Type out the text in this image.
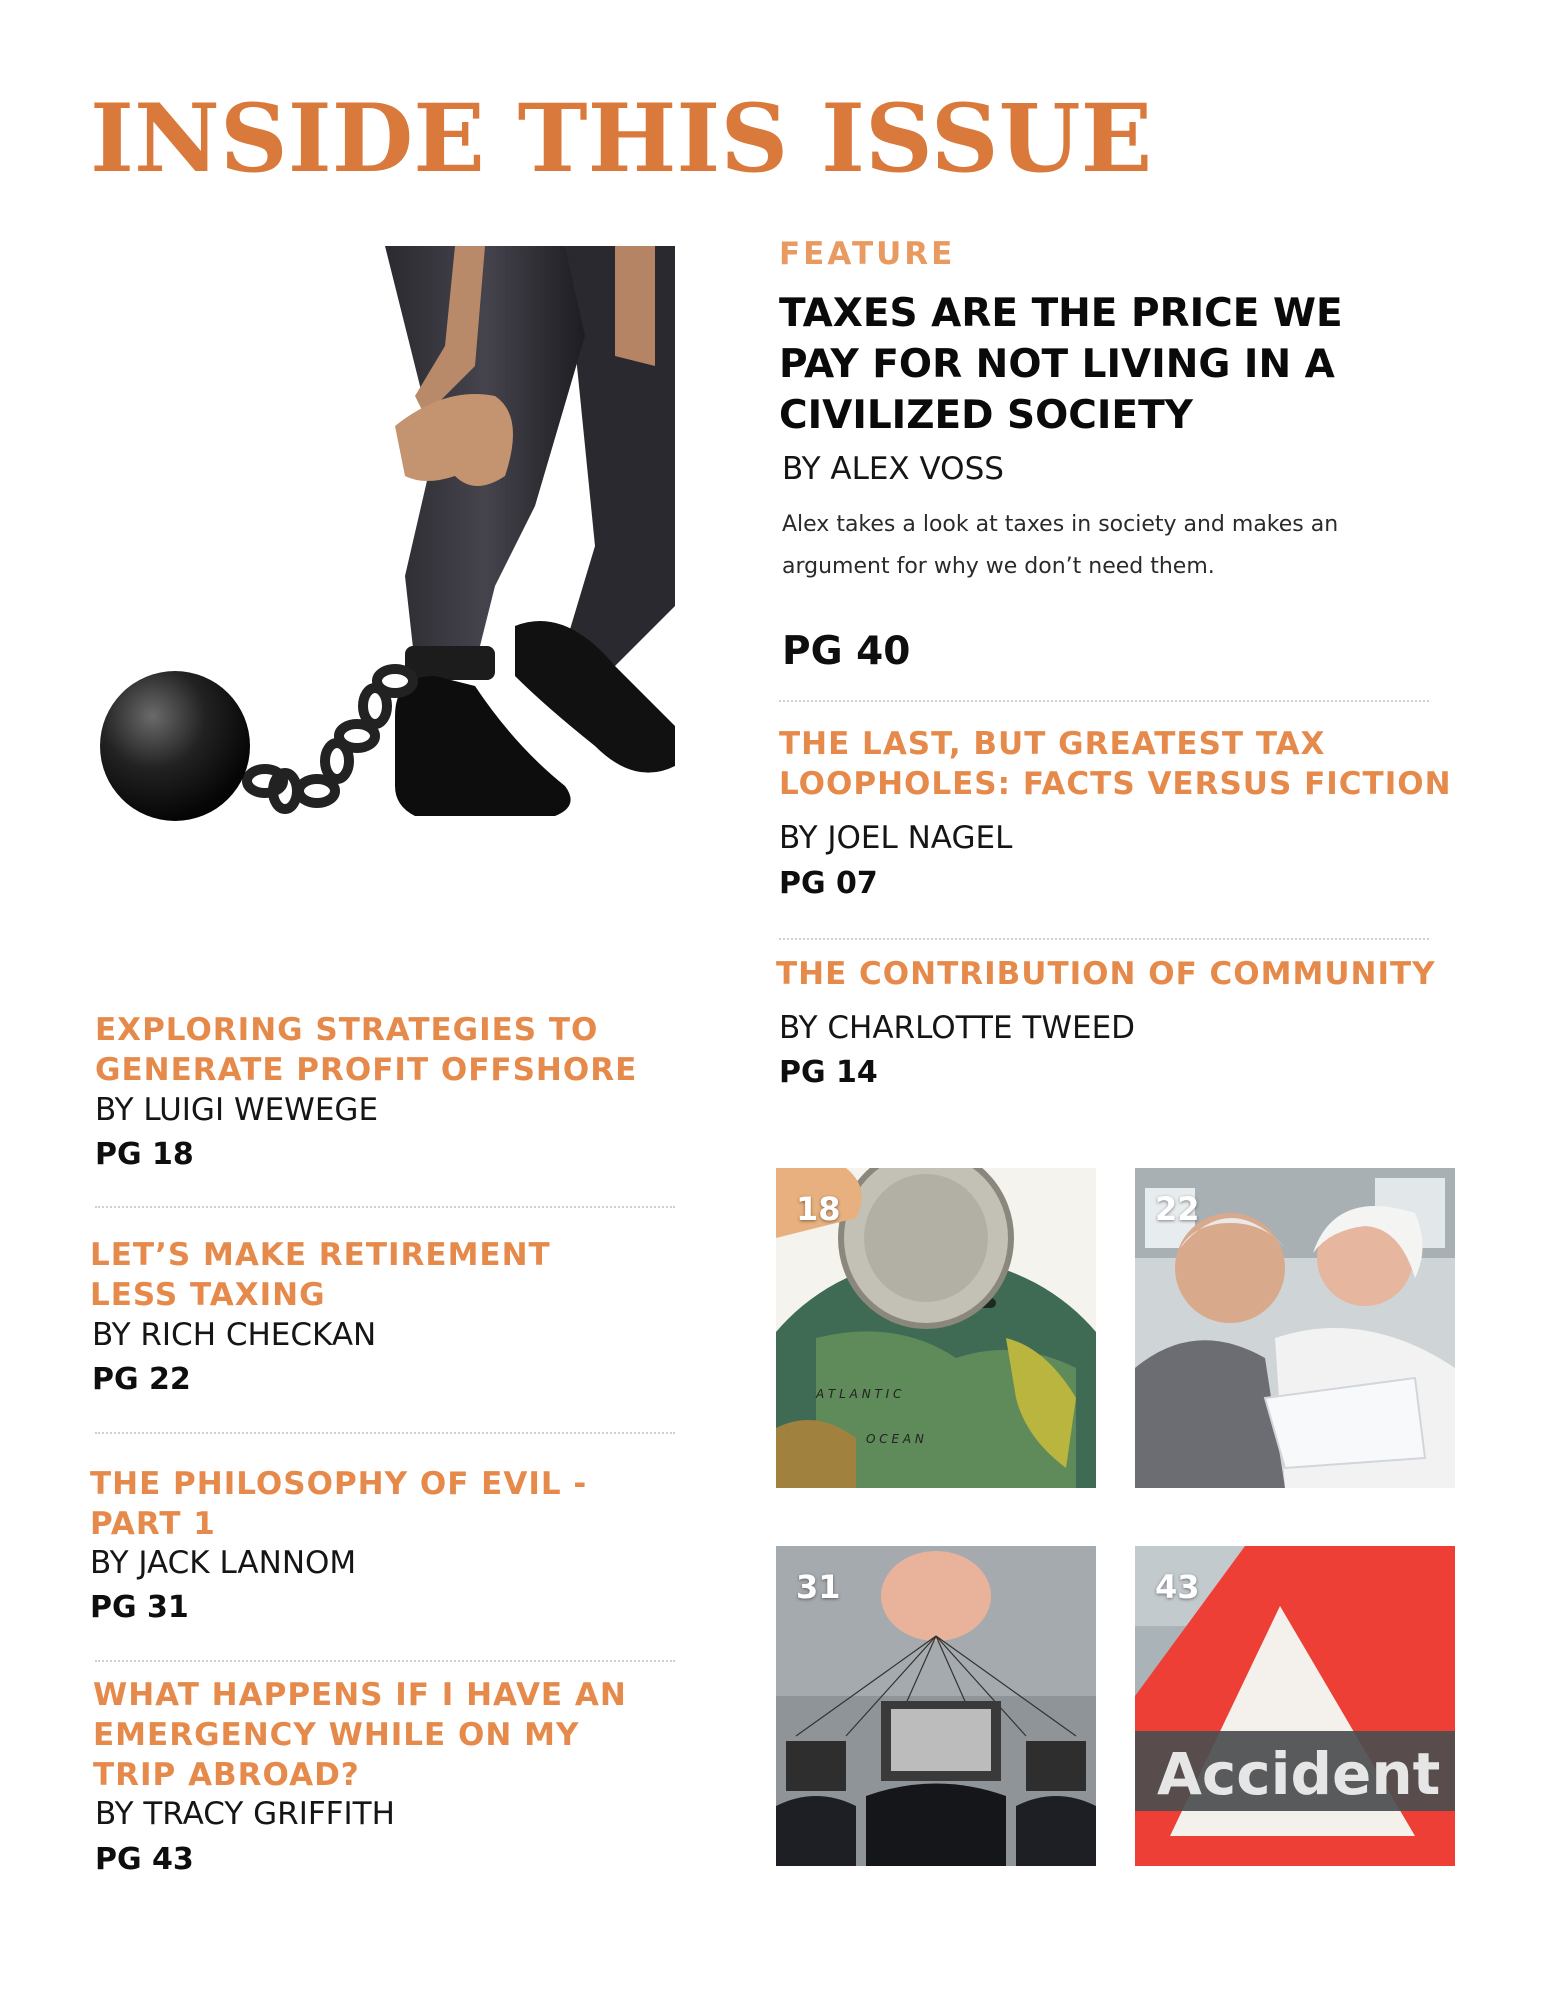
INSIDE THIS ISSUE
FEATURE
TAXES ARE THE PRICE WE PAY FOR NOT LIVING IN A CIVILIZED SOCIETY
BY ALEX VOSS
Alex takes a look at taxes in society and makes an argument for why we don’t need them.
PG 40
THE LAST, BUT GREATEST TAX LOOPHOLES: FACTS VERSUS FICTION
BY JOEL NAGEL
PG 07
THE CONTRIBUTION OF COMMUNITY
BY CHARLOTTE TWEED
PG 14
EXPLORING STRATEGIES TO GENERATE PROFIT OFFSHORE
BY LUIGI WEWEGE
PG 18
LET’S MAKE RETIREMENT LESS TAXING
BY RICH CHECKAN
PG 22
THE PHILOSOPHY OF EVIL - PART 1
BY JACK LANNOM
PG 31
WHAT HAPPENS IF I HAVE AN EMERGENCY WHILE ON MY TRIP ABROAD?
BY TRACY GRIFFITH
PG 43
A T L A N T I C
O C E A N
18	22
31
Accident
43
